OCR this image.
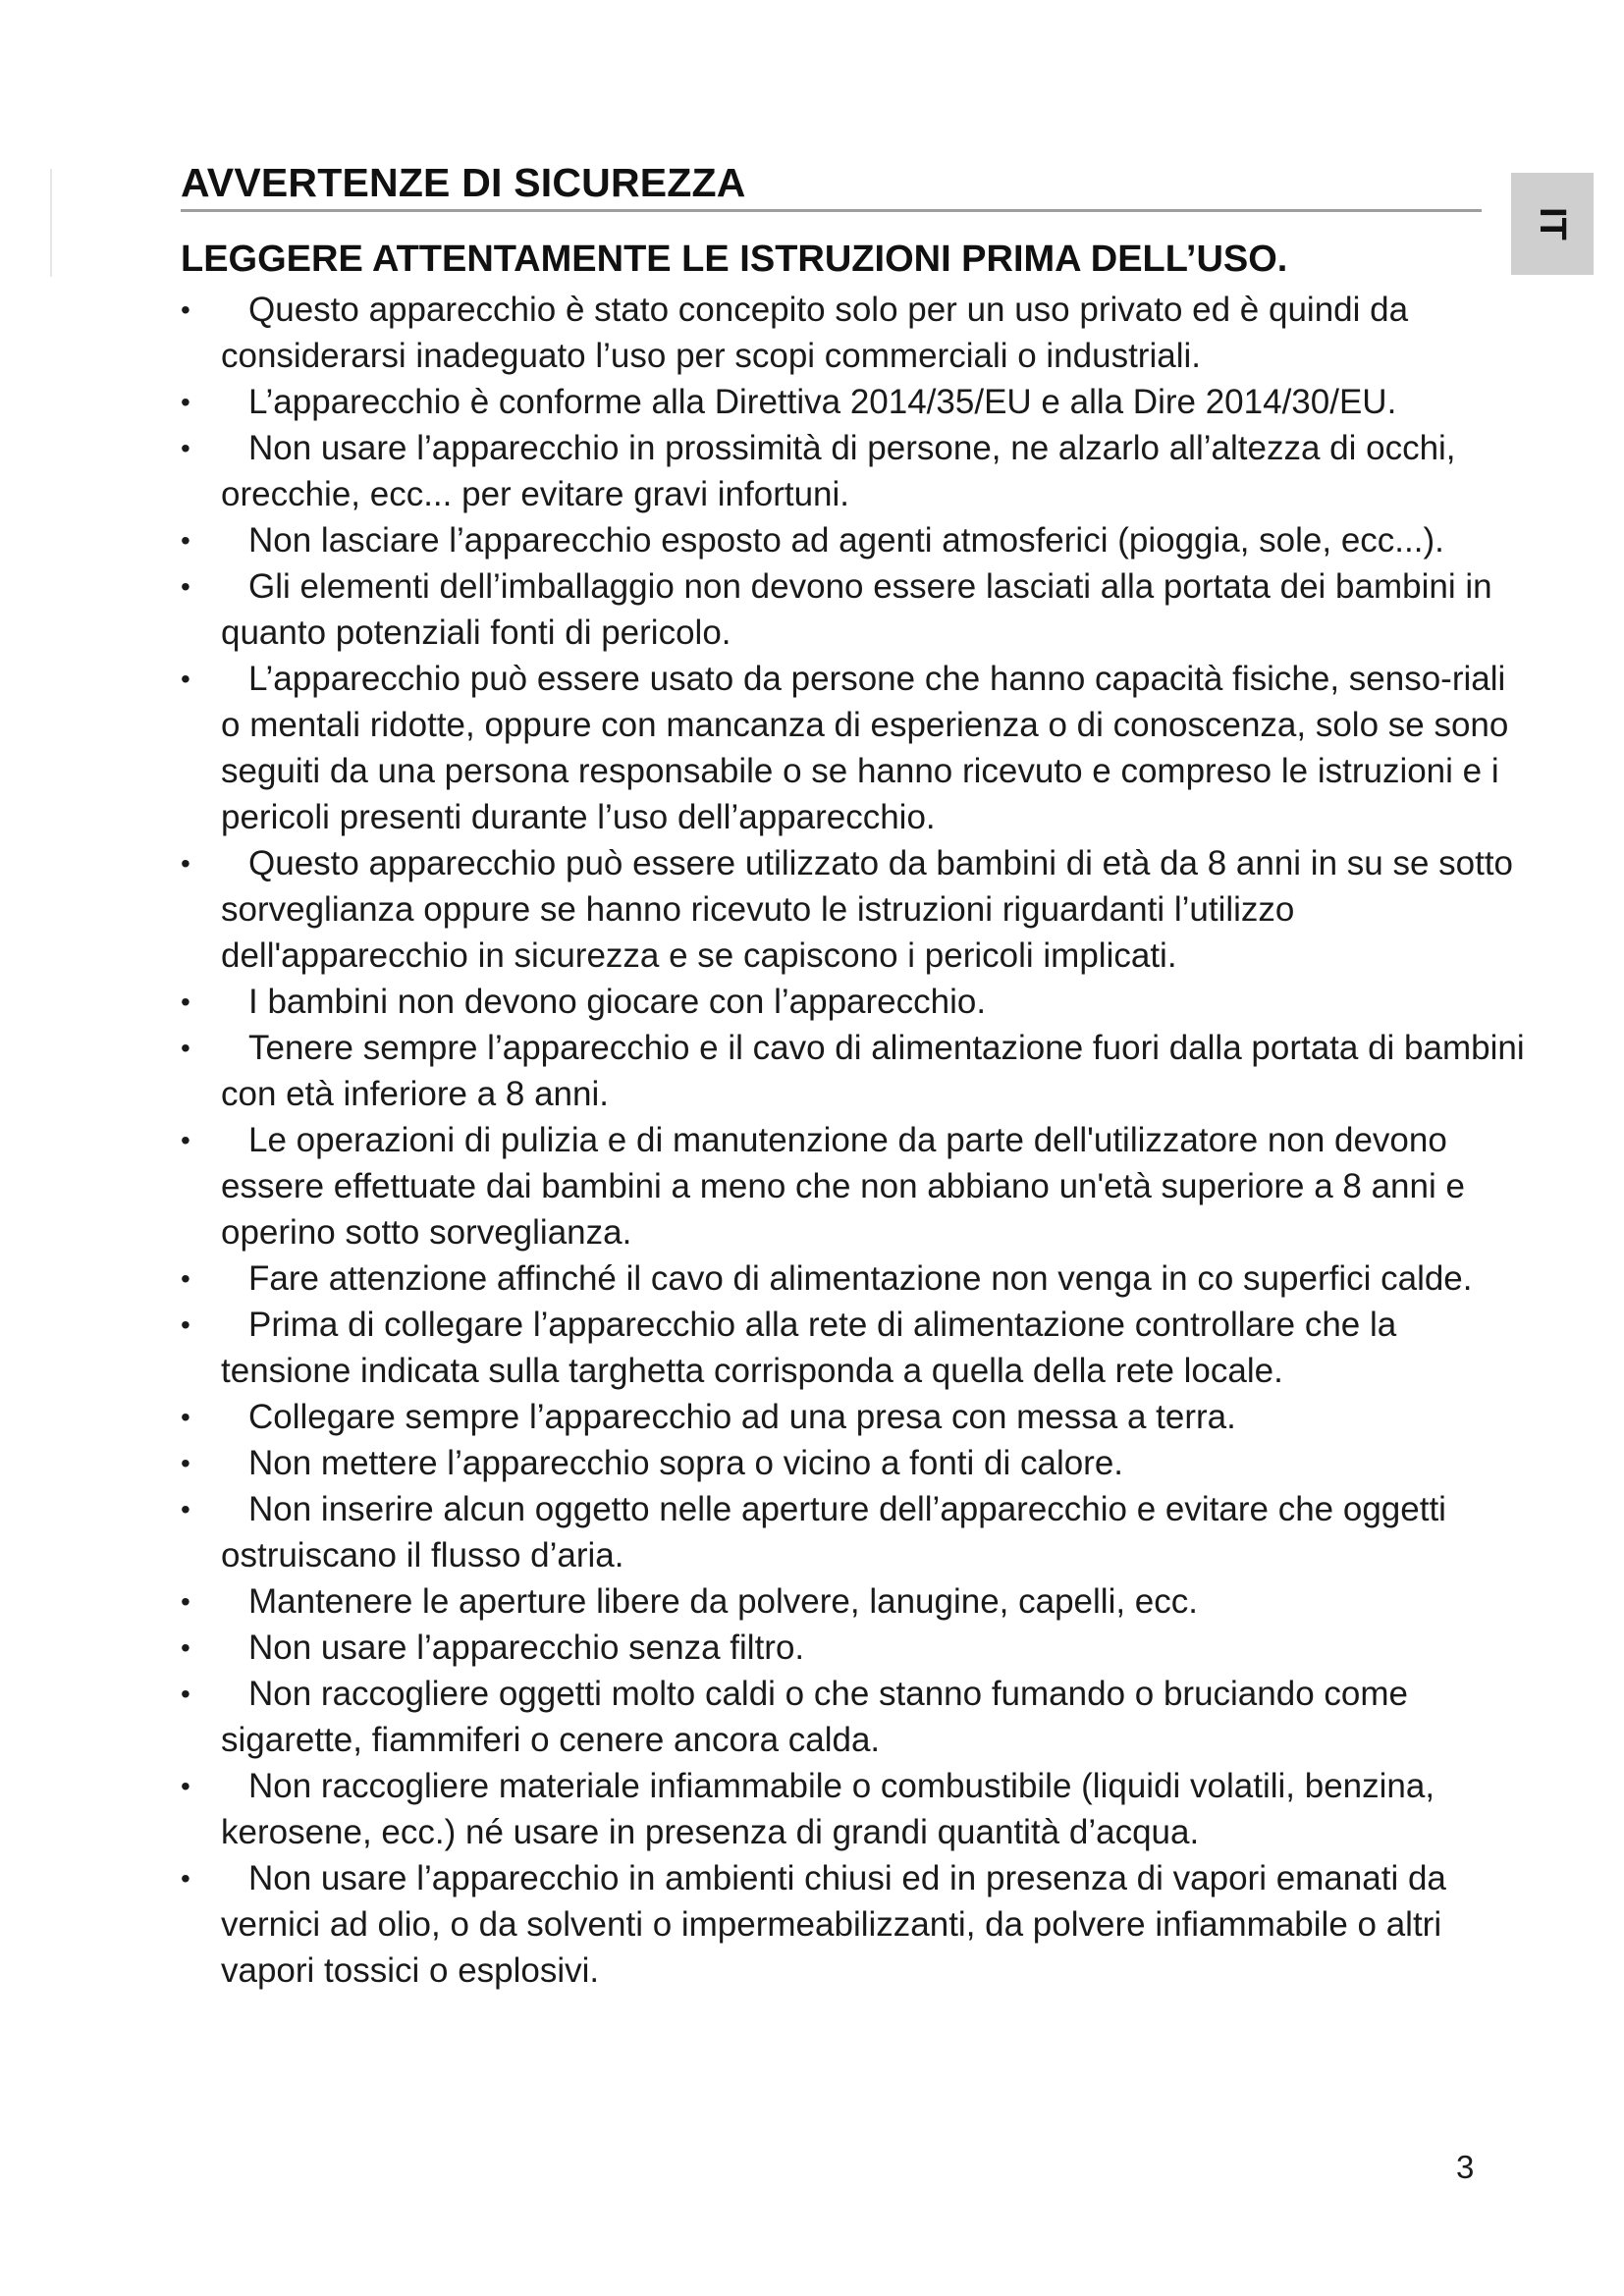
AVVERTENZE DI SICUREZZA
IT
LEGGERE ATTENTAMENTE LE ISTRUZIONI PRIMA DELL’USO.
• Questo apparecchio è stato concepito solo per un uso privato ed è quindi da considerarsi inadeguato l’uso per scopi commerciali o industriali.
• L’apparecchio è conforme alla Direttiva 2014/35/EU e alla Dire 2014/30/EU.
• Non usare l’apparecchio in prossimità di persone, ne alzarlo all’altezza di occhi, orecchie, ecc... per evitare gravi infortuni.
• Non lasciare l’apparecchio esposto ad agenti atmosferici (pioggia, sole, ecc...).
• Gli elementi dell’imballaggio non devono essere lasciati alla portata dei bambini in quanto potenziali fonti di pericolo.
• L’apparecchio può essere usato da persone che hanno capacità fisiche, senso-riali o mentali ridotte, oppure con mancanza di esperienza o di conoscenza, solo se sono seguiti da una persona responsabile o se hanno ricevuto e compreso le istruzioni e i pericoli presenti durante l’uso dell’apparecchio.
• Questo apparecchio può essere utilizzato da bambini di età da 8 anni in su se sotto sorveglianza oppure se hanno ricevuto le istruzioni riguardanti l’utilizzo dell'apparecchio in sicurezza e se capiscono i pericoli implicati.
• I bambini non devono giocare con l’apparecchio.
• Tenere sempre l’apparecchio e il cavo di alimentazione fuori dalla portata di bambini con età inferiore a 8 anni.
• Le operazioni di pulizia e di manutenzione da parte dell'utilizzatore non devono essere effettuate dai bambini a meno che non abbiano un'età superiore a 8 anni e operino sotto sorveglianza.
• Fare attenzione affinché il cavo di alimentazione non venga in co superfici calde.
• Prima di collegare l’apparecchio alla rete di alimentazione controllare che la tensione indicata sulla targhetta corrisponda a quella della rete locale.
• Collegare sempre l’apparecchio ad una presa con messa a terra.
• Non mettere l’apparecchio sopra o vicino a fonti di calore.
• Non inserire alcun oggetto nelle aperture dell’apparecchio e evitare che oggetti ostruiscano il flusso d’aria.
• Mantenere le aperture libere da polvere, lanugine, capelli, ecc.
• Non usare l’apparecchio senza filtro.
• Non raccogliere oggetti molto caldi o che stanno fumando o bruciando come sigarette, fiammiferi o cenere ancora calda.
• Non raccogliere materiale infiammabile o combustibile (liquidi volatili, benzina, kerosene, ecc.) né usare in presenza di grandi quantità d’acqua.
• Non usare l’apparecchio in ambienti chiusi ed in presenza di vapori emanati da vernici ad olio, o da solventi o impermeabilizzanti, da polvere infiammabile o altri vapori tossici o esplosivi.
3
